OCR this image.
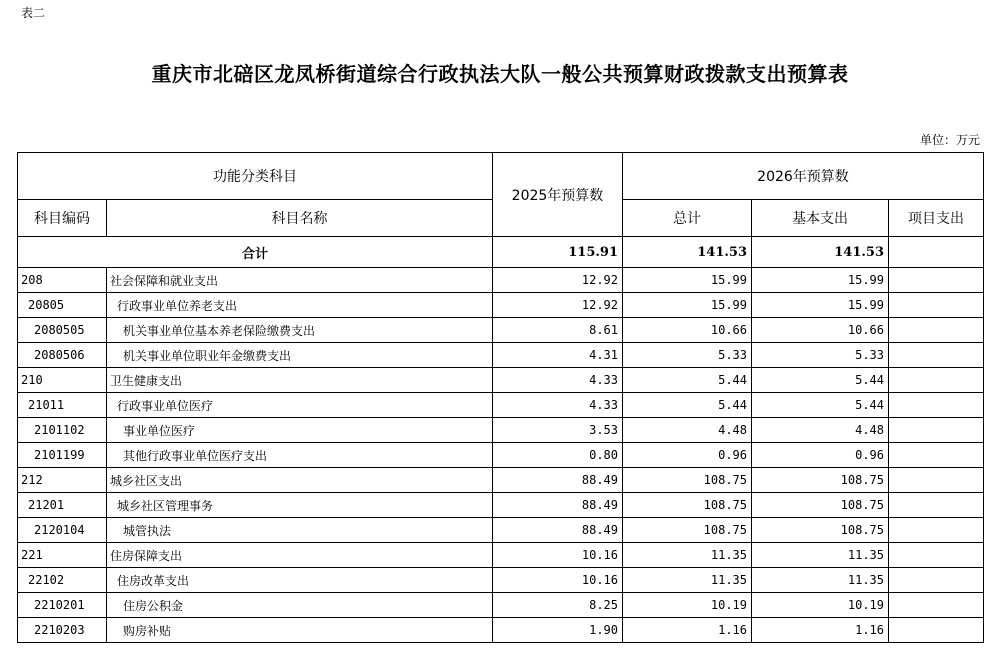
表二
重庆市北碚区龙凤桥街道综合行政执法大队一般公共预算财政拨款支出预算表
单位：万元
功能分类科目		2025年预算数	2026年预算数		
科目编码	科目名称		总计	基本支出	项目支出
合计		115.91	141.53	141.53	
208	社会保障和就业支出	12.92	15.99	15.99	
20805	行政事业单位养老支出	12.92	15.99	15.99	
2080505	机关事业单位基本养老保险缴费支出	8.61	10.66	10.66	
2080506	机关事业单位职业年金缴费支出	4.31	5.33	5.33	
210	卫生健康支出	4.33	5.44	5.44	
21011	行政事业单位医疗	4.33	5.44	5.44	
2101102	事业单位医疗	3.53	4.48	4.48	
2101199	其他行政事业单位医疗支出	0.80	0.96	0.96	
212	城乡社区支出	88.49	108.75	108.75	
21201	城乡社区管理事务	88.49	108.75	108.75	
2120104	城管执法	88.49	108.75	108.75	
221	住房保障支出	10.16	11.35	11.35	
22102	住房改革支出	10.16	11.35	11.35	
2210201	住房公积金	8.25	10.19	10.19	
2210203	购房补贴	1.90	1.16	1.16	
